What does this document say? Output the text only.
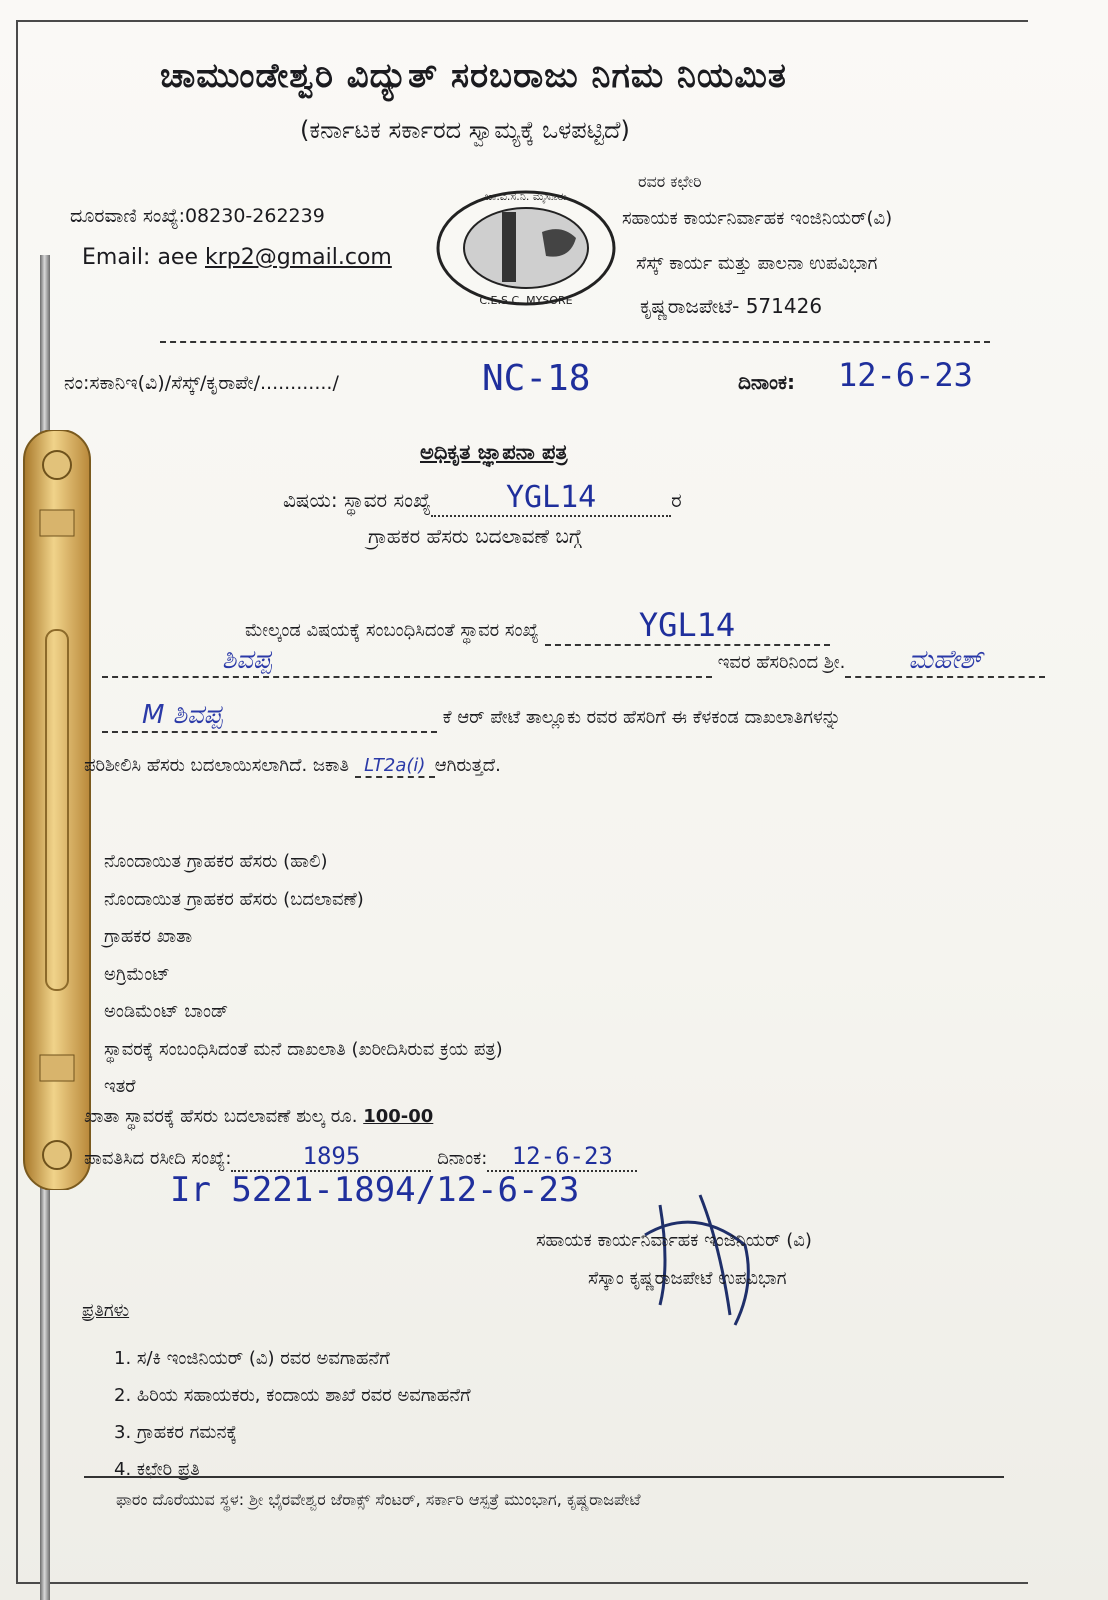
ಚಾಮುಂಡೇಶ್ವರಿ ವಿದ್ಯುತ್ ಸರಬರಾಜು ನಿಗಮ ನಿಯಮಿತ
(ಕರ್ನಾಟಕ ಸರ್ಕಾರದ ಸ್ವಾಮ್ಯಕ್ಕೆ ಒಳಪಟ್ಟಿದೆ)
ದೂರವಾಣಿ ಸಂಖ್ಯೆ:08230-262239
Email: aee krp2@gmail.com
ಚಾ.ವಿ.ಸ.ನಿ. ಮೈಸೂರು
C.E.S.C. MYSORE
ರವರ ಕಛೇರಿ
ಸಹಾಯಕ ಕಾರ್ಯನಿರ್ವಾಹಕ ಇಂಜಿನಿಯರ್(ವಿ)
ಸೆಸ್ಕ್ ಕಾರ್ಯ ಮತ್ತು ಪಾಲನಾ ಉಪವಿಭಾಗ
ಕೃಷ್ಣರಾಜಪೇಟೆ- 571426
ನಂ:ಸಕಾನಿಇ(ವಿ)/ಸೆಸ್ಕ್/ಕೃರಾಪೇ/............/	NC-18	ದಿನಾಂಕ: 12-6-23
ಅಧಿಕೃತ ಜ್ಞಾಪನಾ ಪತ್ರ
ವಿಷಯ: ಸ್ಥಾವರ ಸಂಖ್ಯೆ YGL14	ರ
ಗ್ರಾಹಕರ ಹೆಸರು ಬದಲಾವಣೆ ಬಗ್ಗೆ
ಮೇಲ್ಕಂಡ ವಿಷಯಕ್ಕೆ ಸಂಬಂಧಿಸಿದಂತೆ ಸ್ಥಾವರ ಸಂಖ್ಯೆ	YGL14
ಶಿವಪ್ಪ	ಇವರ ಹೆಸರಿನಿಂದ ಶ್ರೀ. ಮಹೇಶ್
M ಶಿವಪ್ಪ	ಕೆ ಆರ್ ಪೇಟೆ ತಾಲ್ಲೂಕು ರವರ ಹೆಸರಿಗೆ ಈ ಕೆಳಕಂಡ ದಾಖಲಾತಿಗಳನ್ನು
ಪರಿಶೀಲಿಸಿ ಹೆಸರು ಬದಲಾಯಿಸಲಾಗಿದೆ. ಜಕಾತಿ LT2a(i) ಆಗಿರುತ್ತದೆ.
ನೊಂದಾಯಿತ ಗ್ರಾಹಕರ ಹೆಸರು (ಹಾಲಿ)
ನೊಂದಾಯಿತ ಗ್ರಾಹಕರ ಹೆಸರು (ಬದಲಾವಣೆ)
ಗ್ರಾಹಕರ ಖಾತಾ
ಅಗ್ರಿಮೆಂಟ್
ಅಂಡಿಮೆಂಟ್ ಬಾಂಡ್
ಸ್ಥಾವರಕ್ಕೆ ಸಂಬಂಧಿಸಿದಂತೆ ಮನೆ ದಾಖಲಾತಿ (ಖರೀದಿಸಿರುವ ಕ್ರಯ ಪತ್ರ)
ಇತರೆ
ಖಾತಾ ಸ್ಥಾವರಕ್ಕೆ ಹೆಸರು ಬದಲಾವಣೆ ಶುಲ್ಕ ರೂ. 100-00
ಪಾವತಿಸಿದ ರಸೀದಿ ಸಂಖ್ಯೆ:	1895	ದಿನಾಂಕ: 12-6-23
Ir 5221-1894/12-6-23
ಸಹಾಯಕ ಕಾರ್ಯನಿರ್ವಾಹಕ ಇಂಜಿನಿಯರ್ (ವಿ)
ಸೆಸ್ಕಾಂ ಕೃಷ್ಣರಾಜಪೇಟೆ ಉಪವಿಭಾಗ
ಪ್ರತಿಗಳು
1. ಸ/ಕಿ ಇಂಜಿನಿಯರ್ (ವಿ) ರವರ ಅವಗಾಹನೆಗೆ
2. ಹಿರಿಯ ಸಹಾಯಕರು, ಕಂದಾಯ ಶಾಖೆ ರವರ ಅವಗಾಹನೆಗೆ
3. ಗ್ರಾಹಕರ ಗಮನಕ್ಕೆ
4. ಕಛೇರಿ ಪ್ರತಿ
ಫಾರಂ ದೊರೆಯುವ ಸ್ಥಳ: ಶ್ರೀ ಭೈರವೇಶ್ವರ ಜೆರಾಕ್ಸ್ ಸೆಂಟರ್, ಸರ್ಕಾರಿ ಆಸ್ಪತ್ರೆ ಮುಂಭಾಗ, ಕೃಷ್ಣರಾಜಪೇಟೆ
